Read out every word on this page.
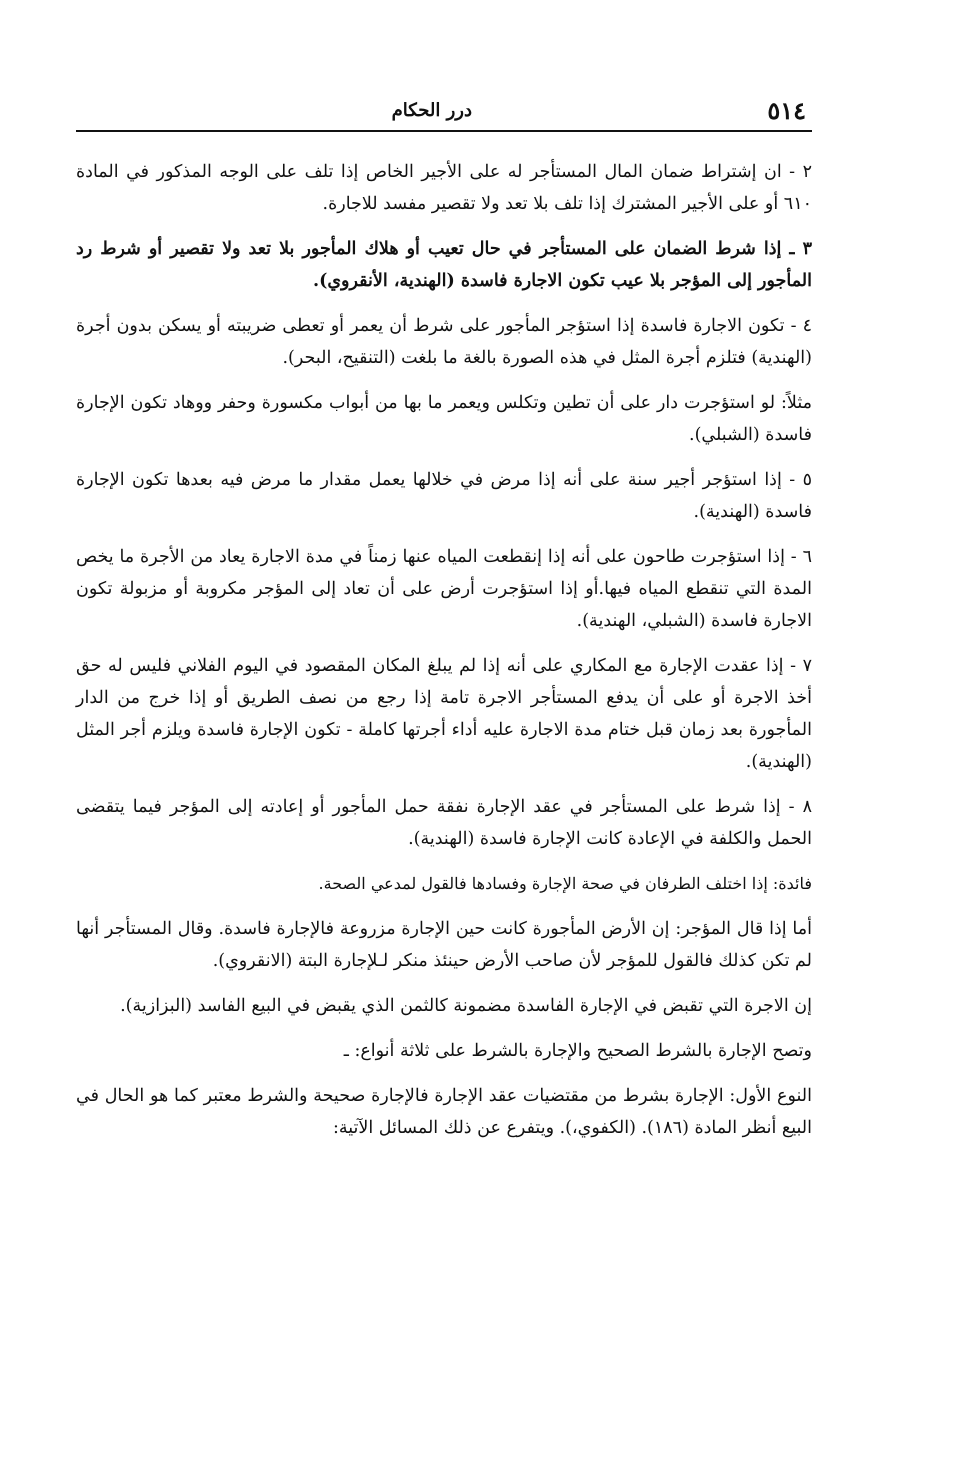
٥١٤
درر الحكام

٢ - ان إشتراط ضمان المال المستأجر له على الأجير الخاص إذا تلف على الوجه المذكور في المادة ٦١٠ أو على الأجير المشترك إذا تلف بلا تعد ولا تقصير مفسد للاجارة.

٣ ـ إذا شرط الضمان على المستأجر في حال تعيب أو هلاك المأجور بلا تعد ولا تقصير أو شرط رد المأجور إلى المؤجر بلا عيب تكون الاجارة فاسدة (الهندية، الأنقروي).

٤ - تكون الاجارة فاسدة إذا استؤجر المأجور على شرط أن يعمر أو تعطى ضريبته أو يسكن بدون أجرة (الهندية) فتلزم أجرة المثل في هذه الصورة بالغة ما بلغت (التنقيح، البحر).

مثلاً: لو استؤجرت دار على أن تطين وتكلس ويعمر ما بها من أبواب مكسورة وحفر ووهاد تكون الإجارة فاسدة (الشبلي).

٥ - إذا استؤجر أجير سنة على أنه إذا مرض في خلالها يعمل مقدار ما مرض فيه بعدها تكون الإجارة فاسدة (الهندية).

٦ - إذا استؤجرت طاحون على أنه إذا إنقطعت المياه عنها زمناً في مدة الاجارة يعاد من الأجرة ما يخص المدة التي تنقطع المياه فيها.أو إذا استؤجرت أرض على أن تعاد إلى المؤجر مكروبة أو مزبولة تكون الاجارة فاسدة (الشبلي، الهندية).

٧ - إذا عقدت الإجارة مع المكاري على أنه إذا لم يبلغ المكان المقصود في اليوم الفلاني فليس له حق أخذ الاجرة أو على أن يدفع المستأجر الاجرة تامة إذا رجع من نصف الطريق أو إذا خرج من الدار المأجورة بعد زمان قبل ختام مدة الاجارة عليه أداء أجرتها كاملة - تكون الإجارة فاسدة ويلزم أجر المثل (الهندية).

٨ - إذا شرط على المستأجر في عقد الإجارة نفقة حمل المأجور أو إعادته إلى المؤجر فيما يتقضى الحمل والكلفة في الإعادة كانت الإجارة فاسدة (الهندية).

فائدة: إذا اختلف الطرفان في صحة الإجارة وفسادها فالقول لمدعي الصحة.

أما إذا قال المؤجر: إن الأرض المأجورة كانت حين الإجارة مزروعة فالإجارة فاسدة. وقال المستأجر أنها لم تكن كذلك فالقول للمؤجر لأن صاحب الأرض حينئذ منكر لـلإجارة البتة (الانقروي).

إن الاجرة التي تقبض في الإجارة الفاسدة مضمونة كالثمن الذي يقبض في البيع الفاسد (البزازية).

وتصح الإجارة بالشرط الصحيح والإجارة بالشرط على ثلاثة أنواع: ـ

النوع الأول: الإجارة بشرط من مقتضيات عقد الإجارة فالإجارة صحيحة والشرط معتبر كما هو الحال في البيع أنظر المادة (١٨٦). (الكفوي،). ويتفرع عن ذلك المسائل الآتية:
